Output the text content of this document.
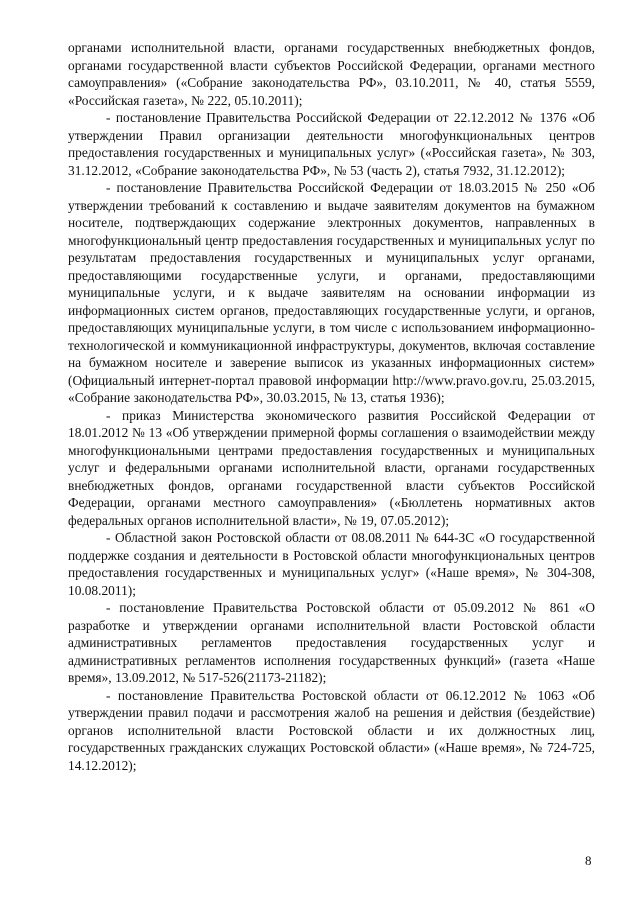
органами исполнительной власти, органами государственных внебюджетных фондов, органами государственной власти субъектов Российской Федерации, органами местного самоуправления» («Собрание законодательства РФ», 03.10.2011, № 40, статья 5559, «Российская газета», № 222, 05.10.2011);

- постановление Правительства Российской Федерации от 22.12.2012 № 1376 «Об утверждении Правил организации деятельности многофункциональных центров предоставления государственных и муниципальных услуг» («Российская газета», № 303, 31.12.2012, «Собрание законодательства РФ», № 53 (часть 2), статья 7932, 31.12.2012);

- постановление Правительства Российской Федерации от 18.03.2015 № 250 «Об утверждении требований к составлению и выдаче заявителям документов на бумажном носителе, подтверждающих содержание электронных документов, направленных в многофункциональный центр предоставления государственных и муниципальных услуг по результатам предоставления государственных и муниципальных услуг органами, предоставляющими государственные услуги, и органами, предоставляющими муниципальные услуги, и к выдаче заявителям на основании информации из информационных систем органов, предоставляющих государственные услуги, и органов, предоставляющих муниципальные услуги, в том числе с использованием информационно-технологической и коммуникационной инфраструктуры, документов, включая составление на бумажном носителе и заверение выписок из указанных информационных систем» (Официальный интернет-портал правовой информации http://www.pravo.gov.ru, 25.03.2015, «Собрание законодательства РФ», 30.03.2015, № 13, статья 1936);

- приказ Министерства экономического развития Российской Федерации от 18.01.2012 № 13 «Об утверждении примерной формы соглашения о взаимодействии между многофункциональными центрами предоставления государственных и муниципальных услуг и федеральными органами исполнительной власти, органами государственных внебюджетных фондов, органами государственной власти субъектов Российской Федерации, органами местного самоуправления» («Бюллетень нормативных актов федеральных органов исполнительной власти», № 19, 07.05.2012);

- Областной закон Ростовской области от 08.08.2011 № 644-ЗС «О государственной поддержке создания и деятельности в Ростовской области многофункциональных центров предоставления государственных и муниципальных услуг» («Наше время», № 304-308, 10.08.2011);

- постановление Правительства Ростовской области от 05.09.2012 № 861 «О разработке и утверждении органами исполнительной власти Ростовской области административных регламентов предоставления государственных услуг и административных регламентов исполнения государственных функций» (газета «Наше время», 13.09.2012, № 517-526(21173-21182);

- постановление Правительства Ростовской области от 06.12.2012 № 1063 «Об утверждении правил подачи и рассмотрения жалоб на решения и действия (бездействие) органов исполнительной власти Ростовской области и их должностных лиц, государственных гражданских служащих Ростовской области» («Наше время», № 724-725, 14.12.2012);

8
